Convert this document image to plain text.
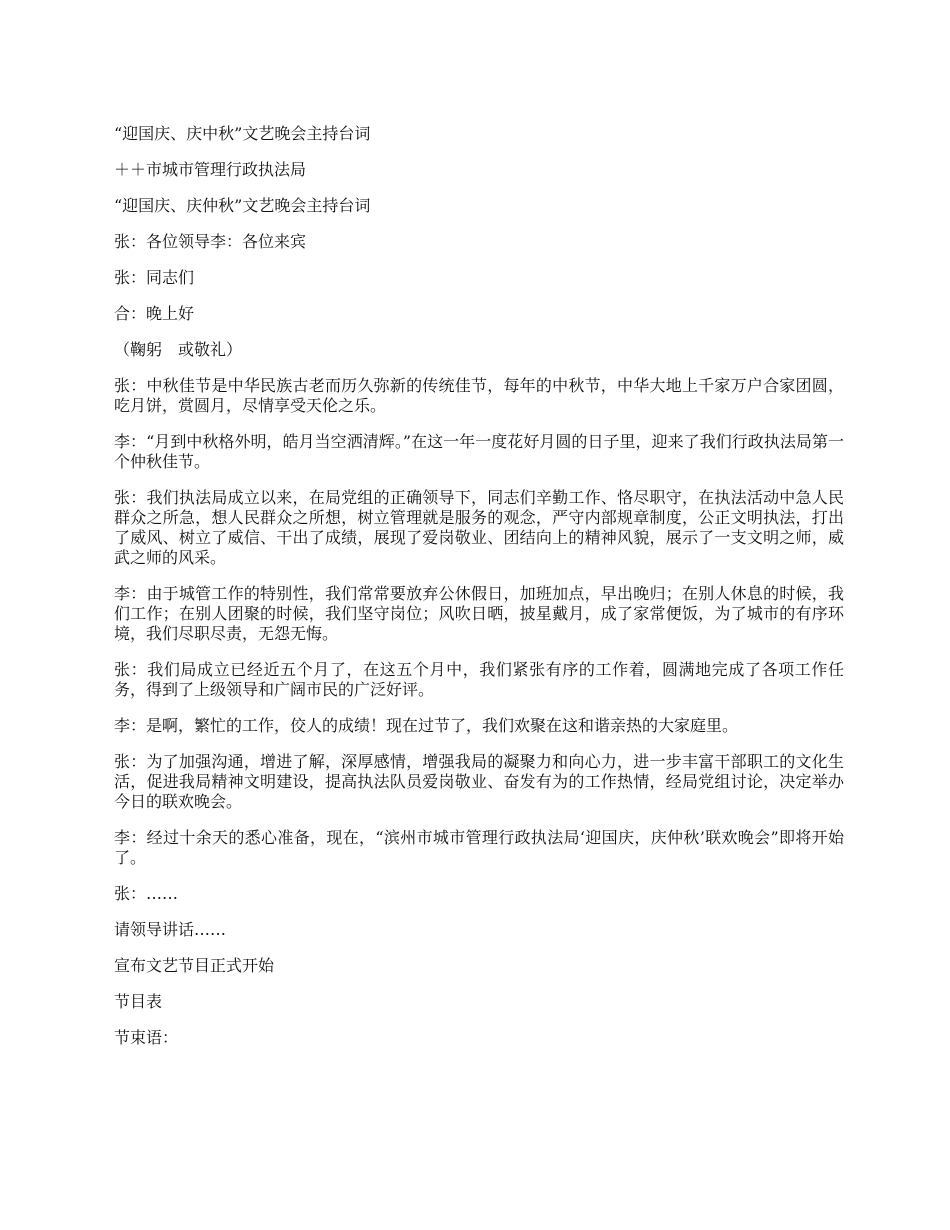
“迎国庆、庆中秋”文艺晚会主持台词

＋＋市城市管理行政执法局

“迎国庆、庆仲秋”文艺晚会主持台词

张：各位领导李：各位来宾

张：同志们

合：晚上好

（鞠躬　或敬礼）

张：中秋佳节是中华民族古老而历久弥新的传统佳节，每年的中秋节，中华大地上千家万户合家团圆，吃月饼，赏圆月，尽情享受天伦之乐。

李：“月到中秋格外明，皓月当空洒清辉。”在这一年一度花好月圆的日子里，迎来了我们行政执法局第一个仲秋佳节。

张：我们执法局成立以来，在局党组的正确领导下，同志们辛勤工作、恪尽职守，在执法活动中急人民群众之所急，想人民群众之所想，树立管理就是服务的观念，严守内部规章制度，公正文明执法，打出了威风、树立了威信、干出了成绩，展现了爱岗敬业、团结向上的精神风貌，展示了一支文明之师，威武之师的风采。

李：由于城管工作的特别性，我们常常要放弃公休假日，加班加点，早出晚归；在别人休息的时候，我们工作；在别人团聚的时候，我们坚守岗位；风吹日晒，披星戴月，成了家常便饭，为了城市的有序环境，我们尽职尽责，无怨无悔。

张：我们局成立已经近五个月了，在这五个月中，我们紧张有序的工作着，圆满地完成了各项工作任务，得到了上级领导和广阔市民的广泛好评。

李：是啊，繁忙的工作，佼人的成绩！现在过节了，我们欢聚在这和谐亲热的大家庭里。

张：为了加强沟通，增进了解，深厚感情，增强我局的凝聚力和向心力，进一步丰富干部职工的文化生活，促进我局精神文明建设，提高执法队员爱岗敬业、奋发有为的工作热情，经局党组讨论，决定举办今日的联欢晚会。

李：经过十余天的悉心准备，现在，“滨州市城市管理行政执法局‘迎国庆，庆仲秋’联欢晚会”即将开始了。

张：……

请领导讲话……

宣布文艺节目正式开始

节目表

节束语：
